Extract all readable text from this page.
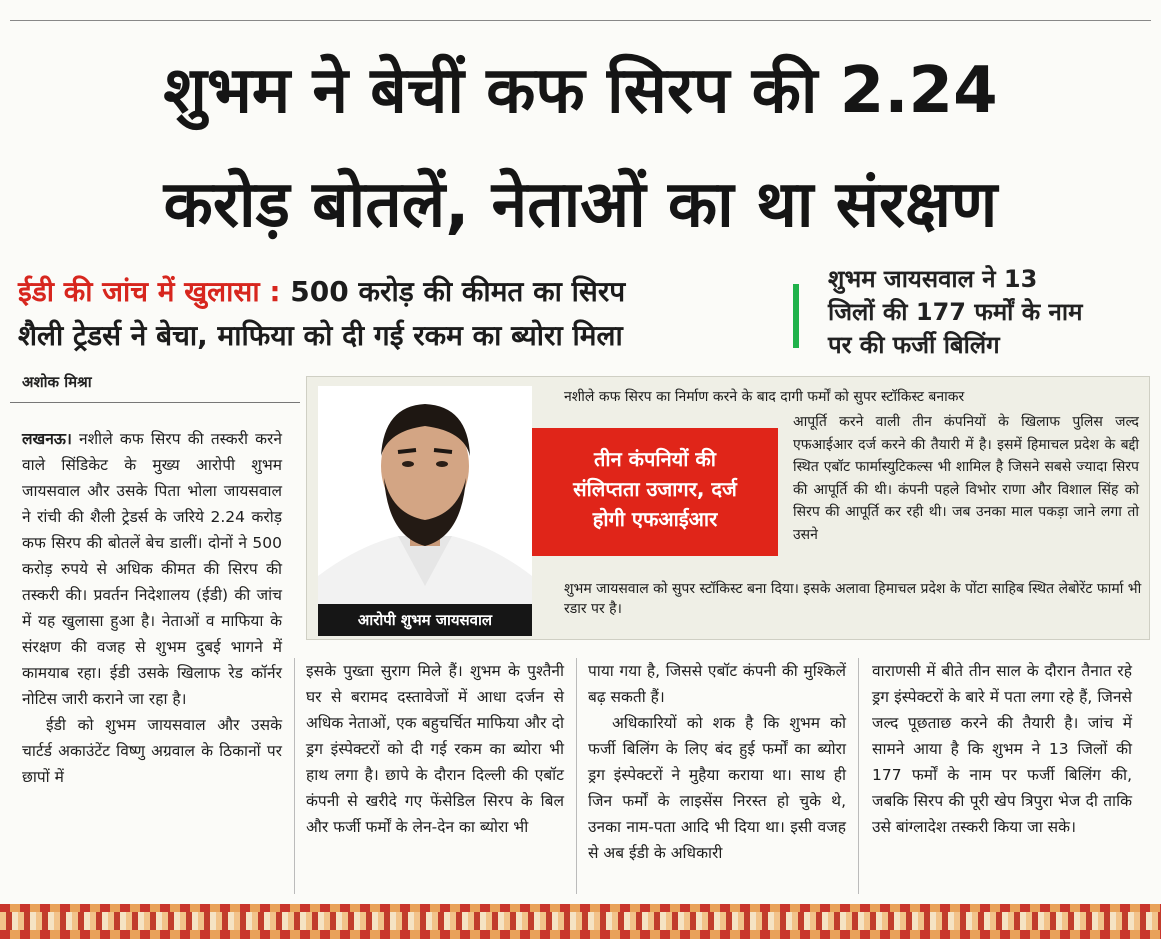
शुभम ने बेचीं कफ सिरप की 2.24
करोड़ बोतलें, नेताओं का था संरक्षण
ईडी की जांच में खुलासा : 500 करोड़ की कीमत का सिरप
शैली ट्रेडर्स ने बेचा, माफिया को दी गई रकम का ब्योरा मिला
शुभम जायसवाल ने 13
जिलों की 177 फर्मों के नाम
पर की फर्जी बिलिंग
अशोक मिश्रा
आरोपी शुभम जायसवाल
तीन कंपनियों की
संलिप्तता उजागर, दर्ज
होगी एफआईआर
नशीले कफ सिरप का निर्माण करने के बाद दागी फर्मों को सुपर स्टॉकिस्ट बनाकर
आपूर्ति करने वाली तीन कंपनियों के खिलाफ पुलिस जल्द एफआईआर दर्ज करने की तैयारी में है। इसमें हिमाचल प्रदेश के बद्दी स्थित एबॉट फार्मास्युटिकल्स भी शामिल है जिसने सबसे ज्यादा सिरप की आपूर्ति की थी। कंपनी पहले विभोर राणा और विशाल सिंह को सिरप की आपूर्ति कर रही थी। जब उनका माल पकड़ा जाने लगा तो उसने
शुभम जायसवाल को सुपर स्टॉकिस्ट बना दिया। इसके अलावा हिमाचल प्रदेश के पोंटा साहिब स्थित लेबोरेंट फार्मा भी रडार पर है।

लखनऊ। नशीले कफ सिरप की तस्करी करने वाले सिंडिकेट के मुख्य आरोपी शुभम जायसवाल और उसके पिता भोला जायसवाल ने रांची की शैली ट्रेडर्स के जरिये 2.24 करोड़ कफ सिरप की बोतलें बेच डालीं। दोनों ने 500 करोड़ रुपये से अधिक कीमत की सिरप की तस्करी की। प्रवर्तन निदेशालय (ईडी) की जांच में यह खुलासा हुआ है। नेताओं व माफिया के संरक्षण की वजह से शुभम दुबई भागने में कामयाब रहा। ईडी उसके खिलाफ रेड कॉर्नर नोटिस जारी कराने जा रहा है।

ईडी को शुभम जायसवाल और उसके चार्टर्ड अकाउंटेंट विष्णु अग्रवाल के ठिकानों पर छापों में

इसके पुख्ता सुराग मिले हैं। शुभम के पुश्तैनी घर से बरामद दस्तावेजों में आधा दर्जन से अधिक नेताओं, एक बहुचर्चित माफिया और दो ड्रग इंस्पेक्टरों को दी गई रकम का ब्योरा भी हाथ लगा है। छापे के दौरान दिल्ली की एबॉट कंपनी से खरीदे गए फेंसेडिल सिरप के बिल और फर्जी फर्मों के लेन-देन का ब्योरा भी

पाया गया है, जिससे एबॉट कंपनी की मुश्किलें बढ़ सकती हैं।

अधिकारियों को शक है कि शुभम को फर्जी बिलिंग के लिए बंद हुई फर्मों का ब्योरा ड्रग इंस्पेक्टरों ने मुहैया कराया था। साथ ही जिन फर्मों के लाइसेंस निरस्त हो चुके थे, उनका नाम-पता आदि भी दिया था। इसी वजह से अब ईडी के अधिकारी

वाराणसी में बीते तीन साल के दौरान तैनात रहे ड्रग इंस्पेक्टरों के बारे में पता लगा रहे हैं, जिनसे जल्द पूछताछ करने की तैयारी है। जांच में सामने आया है कि शुभम ने 13 जिलों की 177 फर्मों के नाम पर फर्जी बिलिंग की, जबकि सिरप की पूरी खेप त्रिपुरा भेज दी ताकि उसे बांग्लादेश तस्करी किया जा सके।
